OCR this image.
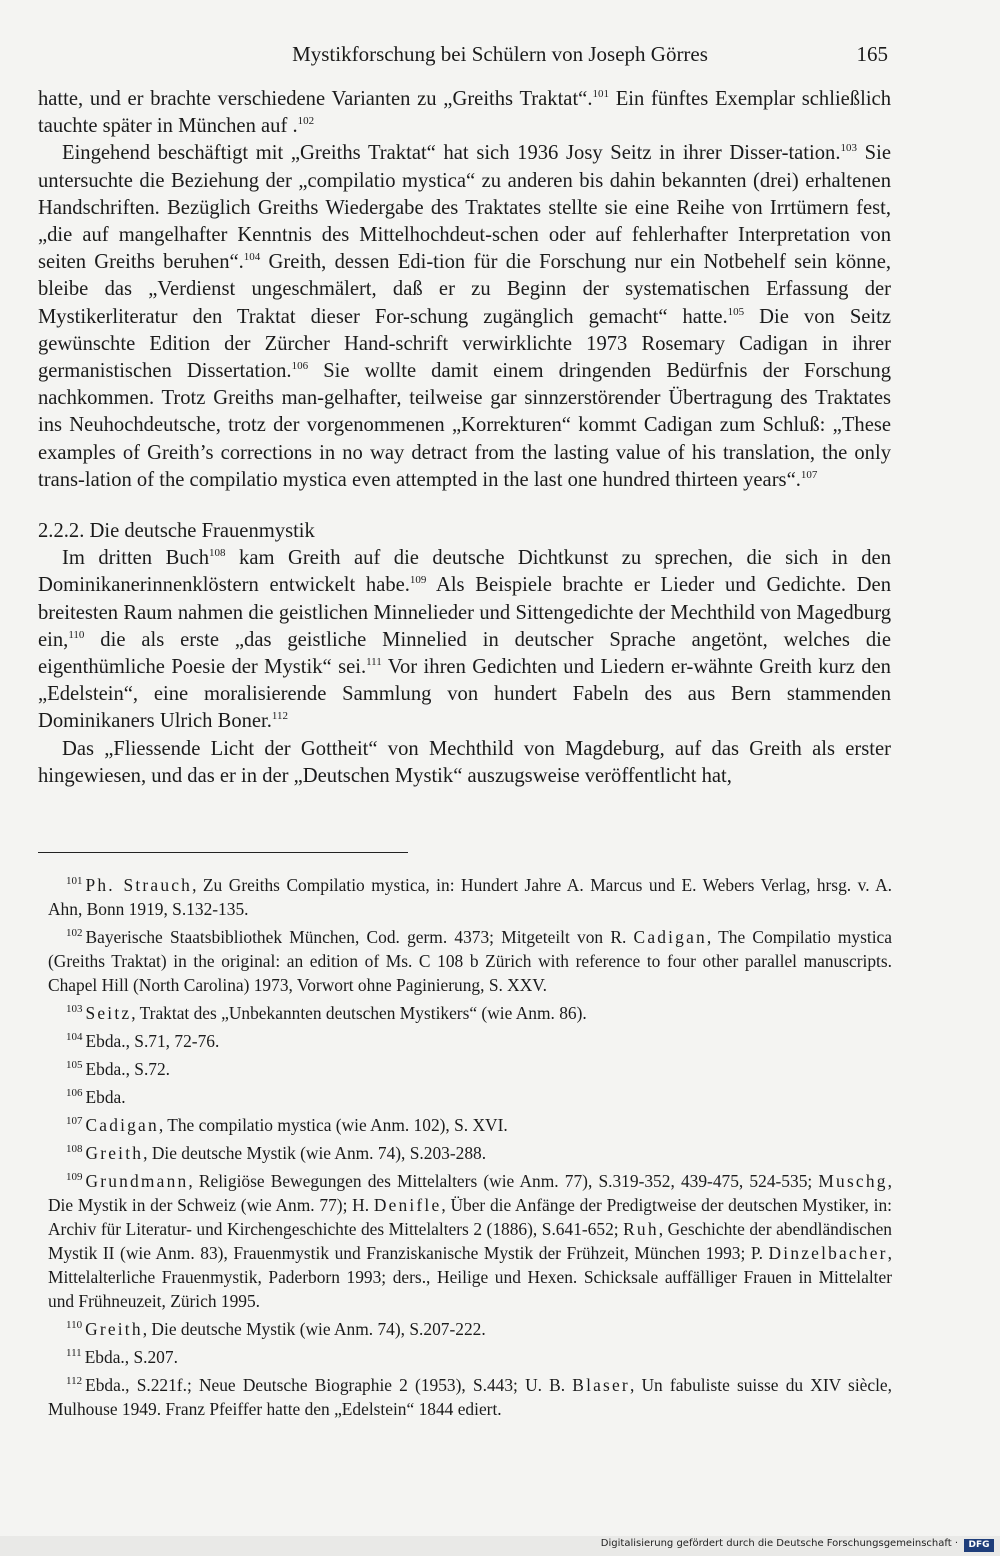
Mystikforschung bei Schülern von Joseph Görres	165

hatte, und er brachte verschiedene Varianten zu „Greiths Traktat“.$^{101}$ Ein fünftes Exemplar schließlich tauchte später in München auf .$^{102}$

Eingehend beschäftigt mit „Greiths Traktat“ hat sich 1936 Josy Seitz in ihrer Disser-tation.$^{103}$ Sie untersuchte die Beziehung der „compilatio mystica“ zu anderen bis dahin bekannten (drei) erhaltenen Handschriften. Bezüglich Greiths Wiedergabe des Traktates stellte sie eine Reihe von Irrtümern fest, „die auf mangelhafter Kenntnis des Mittelhochdeut-schen oder auf fehlerhafter Interpretation von seiten Greiths beruhen“.$^{104}$ Greith, dessen Edi-tion für die Forschung nur ein Notbehelf sein könne, bleibe das „Verdienst ungeschmälert, daß er zu Beginn der systematischen Erfassung der Mystikerliteratur den Traktat dieser For-schung zugänglich gemacht“ hatte.$^{105}$ Die von Seitz gewünschte Edition der Zürcher Hand-schrift verwirklichte 1973 Rosemary Cadigan in ihrer germanistischen Dissertation.$^{106}$ Sie wollte damit einem dringenden Bedürfnis der Forschung nachkommen. Trotz Greiths man-gelhafter, teilweise gar sinnzerstörender Übertragung des Traktates ins Neuhochdeutsche, trotz der vorgenommenen „Korrekturen“ kommt Cadigan zum Schluß: „These examples of Greith’s corrections in no way detract from the lasting value of his translation, the only trans-lation of the compilatio mystica even attempted in the last one hundred thirteen years“.$^{107}$

2.2.2. Die deutsche Frauenmystik

Im dritten Buch$^{108}$ kam Greith auf die deutsche Dichtkunst zu sprechen, die sich in den Dominikanerinnenklöstern entwickelt habe.$^{109}$ Als Beispiele brachte er Lieder und Gedichte. Den breitesten Raum nahmen die geistlichen Minnelieder und Sittengedichte der Mechthild von Magedburg ein,$^{110}$ die als erste „das geistliche Minnelied in deutscher Sprache angetönt, welches die eigenthümliche Poesie der Mystik“ sei.$^{111}$ Vor ihren Gedichten und Liedern er-wähnte Greith kurz den „Edelstein“, eine moralisierende Sammlung von hundert Fabeln des aus Bern stammenden Dominikaners Ulrich Boner.$^{112}$

Das „Fliessende Licht der Gottheit“ von Mechthild von Magdeburg, auf das Greith als erster hingewiesen, und das er in der „Deutschen Mystik“ auszugsweise veröffentlicht hat,

$^{101}$ Ph. Strauch, Zu Greiths Compilatio mystica, in: Hundert Jahre A. Marcus und E. Webers Verlag, hrsg. v. A. Ahn, Bonn 1919, S.132-135.

$^{102}$ Bayerische Staatsbibliothek München, Cod. germ. 4373; Mitgeteilt von R. Cadigan, The Compilatio mystica (Greiths Traktat) in the original: an edition of Ms. C 108 b Zürich with reference to four other parallel manuscripts. Chapel Hill (North Carolina) 1973, Vorwort ohne Paginierung, S. XXV.

$^{103}$ Seitz, Traktat des „Unbekannten deutschen Mystikers“ (wie Anm. 86).

$^{104}$ Ebda., S.71, 72-76.

$^{105}$ Ebda., S.72.

$^{106}$ Ebda.

$^{107}$ Cadigan, The compilatio mystica (wie Anm. 102), S. XVI.

$^{108}$ Greith, Die deutsche Mystik (wie Anm. 74), S.203-288.

$^{109}$ Grundmann, Religiöse Bewegungen des Mittelalters (wie Anm. 77), S.319-352, 439-475, 524-535; Muschg, Die Mystik in der Schweiz (wie Anm. 77); H. Denifle, Über die Anfänge der Predigtweise der deutschen Mystiker, in: Archiv für Literatur- und Kirchengeschichte des Mittelalters 2 (1886), S.641-652; Ruh, Geschichte der abendländischen Mystik II (wie Anm. 83), Frauenmystik und Franziskanische Mystik der Frühzeit, München 1993; P. Dinzelbacher, Mittelalterliche Frauenmystik, Paderborn 1993; ders., Heilige und Hexen. Schicksale auffälliger Frauen in Mittelalter und Frühneuzeit, Zürich 1995.

$^{110}$ Greith, Die deutsche Mystik (wie Anm. 74), S.207-222.

$^{111}$ Ebda., S.207.

$^{112}$ Ebda., S.221f.; Neue Deutsche Biographie 2 (1953), S.443; U. B. Blaser, Un fabuliste suisse du XIV siècle, Mulhouse 1949. Franz Pfeiffer hatte den „Edelstein“ 1844 ediert.

Digitalisierung gefördert durch die Deutsche Forschungsgemeinschaft ·	DFG
